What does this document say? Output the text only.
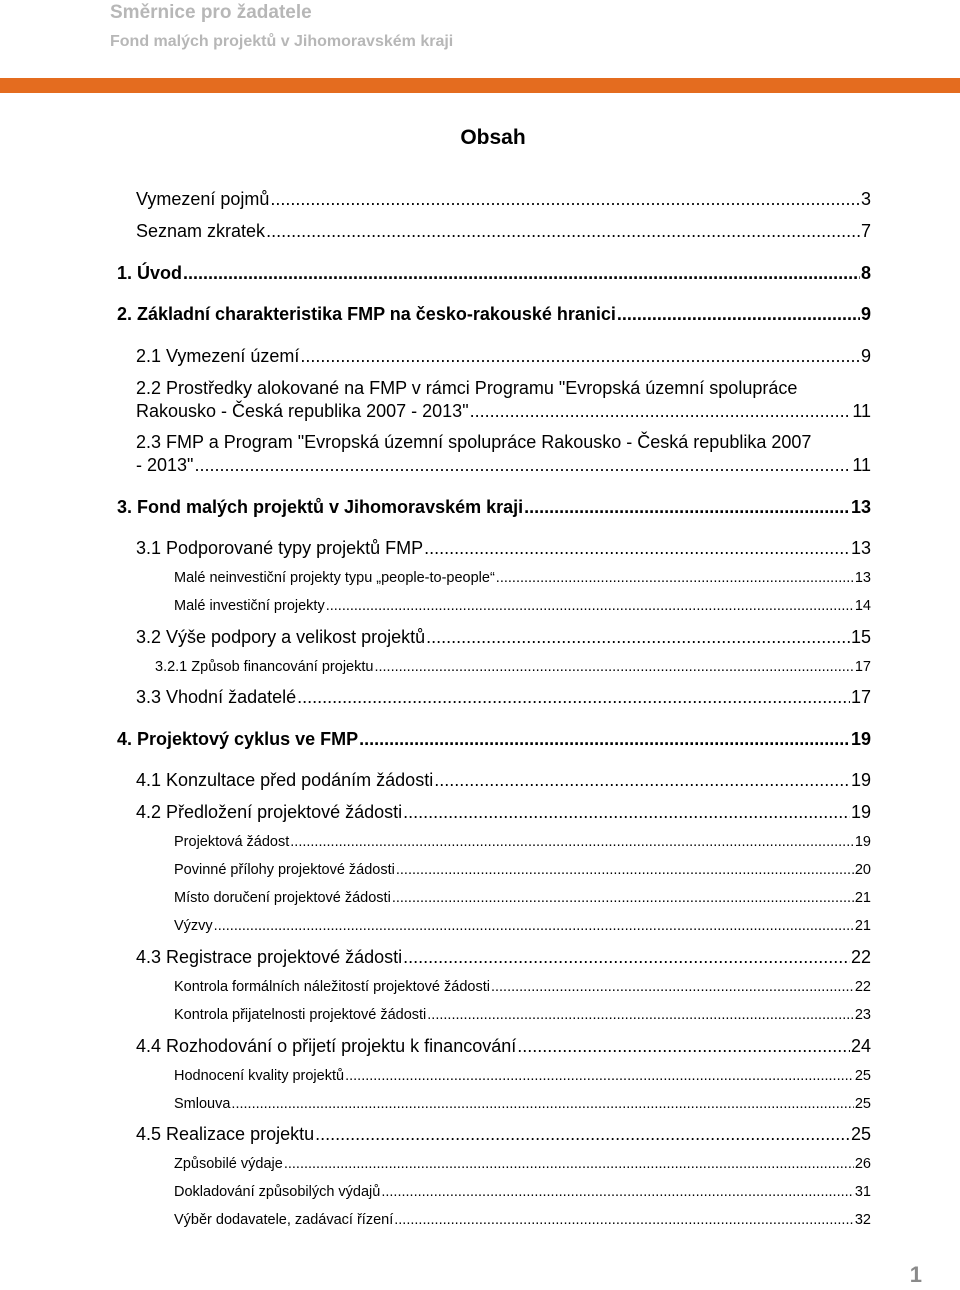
Směrnice pro žadatele
Fond malých projektů v Jihomoravském kraji
Obsah
Vymezení pojmů .....	3
Seznam zkratek .....	7
1. Úvod .....	8
2. Základní charakteristika FMP na česko-rakouské hranici .....	9
2.1 Vymezení území .....	9
2.2 Prostředky alokované na FMP v rámci Programu "Evropská územní spolupráce
Rakousko - Česká republika 2007 - 2013" .....	11
2.3 FMP a Program "Evropská územní spolupráce Rakousko - Česká republika 2007
- 2013" .....	11
3. Fond malých projektů v Jihomoravském kraji .....	13
3.1 Podporované typy projektů FMP .....	13
Malé neinvestiční projekty typu „people-to-people“ .....	13
Malé investiční projekty .....	14
3.2 Výše podpory a velikost projektů .....	15
3.2.1 Způsob financování projektu .....	17
3.3 Vhodní žadatelé .....	17
4. Projektový cyklus ve FMP .....	19
4.1 Konzultace před podáním žádosti .....	19
4.2 Předložení projektové žádosti .....	19
Projektová žádost .....	19
Povinné přílohy projektové žádosti .....	20
Místo doručení projektové žádosti .....	21
Výzvy .....	21
4.3 Registrace projektové žádosti .....	22
Kontrola formálních náležitostí projektové žádosti .....	22
Kontrola přijatelnosti projektové žádosti .....	23
4.4 Rozhodování o přijetí projektu k financování .....	24
Hodnocení kvality projektů .....	25
Smlouva .....	25
4.5 Realizace projektu .....	25
Způsobilé výdaje .....	26
Dokladování způsobilých výdajů .....	31
Výběr dodavatele, zadávací řízení .....	32
1
